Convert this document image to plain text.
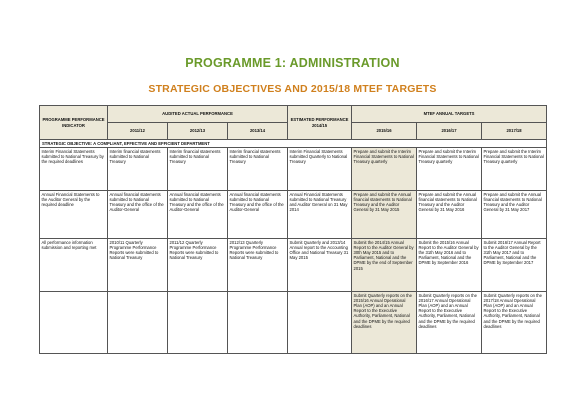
PROGRAMME 1: ADMINISTRATION
STRATEGIC OBJECTIVES AND 2015/18 MTEF TARGETS
PROGRAMME PERFORMANCE INDICATOR	AUDITED ACTUAL PERFORMANCE			ESTIMATED PERFORMANCE 2014/15	MTEF ANNUAL TARGETS		
	2011/12	2012/13	2013/14		2015/16	2016/17	2017/18
STRATEGIC OBJECTIVE: A COMPLIANT, EFFECTIVE AND EFFICIENT DEPARTMENT							
Interim Financial Statements submitted to National Treasury by the required deadlines	Interim financial statements submitted to National Treasury	Interim financial statements submitted to National Treasury	Interim financial statements submitted to National Treasury	Interim Financial Statements submitted Quarterly to National Treasury	Prepare and submit the Interim Financial Statements to National Treasury quarterly	Prepare and submit the Interim Financial Statements to National Treasury quarterly	Prepare and submit the Interim Financial Statements to National Treasury quarterly
Annual Financial Statements to the Auditor General by the required deadline	Annual financial statements submitted to National Treasury and the office of the Auditor-General	Annual financial statements submitted to National Treasury and the office of the Auditor-General	Annual financial statements submitted to National Treasury and the office of the Auditor-General	Annual Financial Statements submitted to National Treasury and Auditor General on 31 May 2014	Prepare and submit the Annual financial statements to National Treasury and the Auditor General by 31 May 2015	Prepare and submit the Annual financial statements to National Treasury and the Auditor General by 31 May 2016	Prepare and submit the Annual financial statements to National Treasury and the Auditor General by 31 May 2017
All performance information submission and reporting met	2010/11 Quarterly Programme Performance Reports were submitted to National Treasury	2011/12 Quarterly Programme Performance Reports were submitted to National Treasury	2012/13 Quarterly Programme Performance Reports were submitted to National Treasury	Submit Quarterly and 2013/14 Annual report to the Accounting Office and National Treasury 31 May 2015	Submit the 2014/15 Annual Report to the Auditor General by 30th May 2015 and to Parliament, National and the DPME by the end of September 2015	Submit the 2015/16 Annual Report to the Auditor General by the 31th May 2016 and to Parliament, National and the DPME by September 2016	Submit 2016/17 Annual Report to the Auditor General by the 31th May 2017 and to Parliament, National and the DPME by September 2017
					Submit Quarterly reports on the 2015/16 Annual Operational Plan (AOP) and an Annual Report to the Executive Authority, Parliament, National and the DPME by the required deadlines	Submit Quarterly reports on the 2016/17 Annual Operational Plan (AOP) and an Annual Report to the Executive Authority, Parliament, National and the DPME by the required deadlines	Submit Quarterly reports on the 2017/18 Annual Operational Plan (AOP) and an Annual Report to the Executive Authority, Parliament, National and the DPME by the required deadlines
